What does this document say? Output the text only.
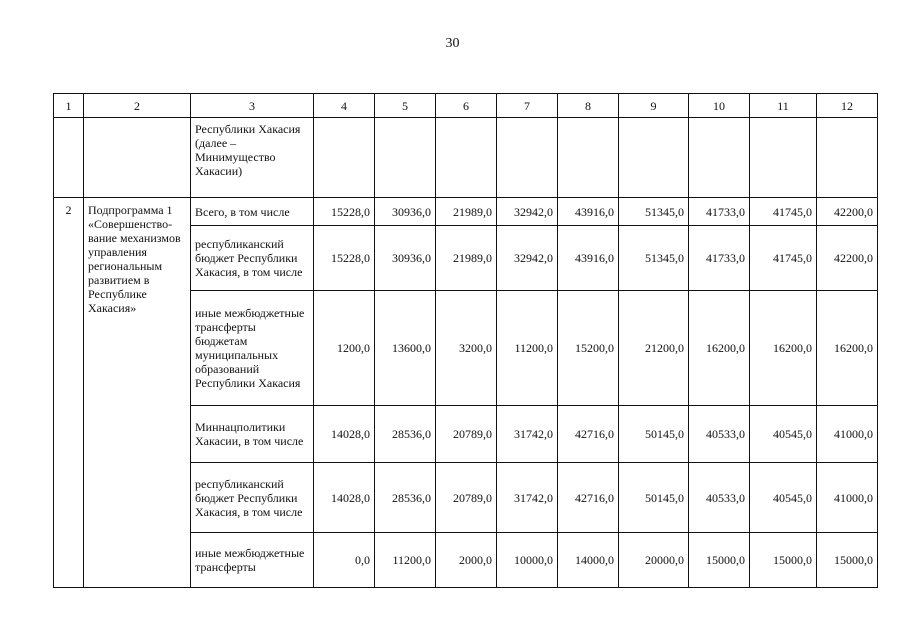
30
1	2	3	4	5	6	7	8	9	10	11	12
		Республики Хакасия (далее – Минимущество Хакасии)									
2	Подпрограмма 1 «Совершенство-вание механизмов управления региональным развитием в Республике Хакасия»	Всего, в том числе	15228,0	30936,0	21989,0	32942,0	43916,0	51345,0	41733,0	41745,0	42200,0
		республиканский бюджет Республики Хакасия, в том числе	15228,0	30936,0	21989,0	32942,0	43916,0	51345,0	41733,0	41745,0	42200,0
		иные межбюджетные трансферты бюджетам муниципальных образований Республики Хакасия	1200,0	13600,0	3200,0	11200,0	15200,0	21200,0	16200,0	16200,0	16200,0
		Миннацполитики Хакасии, в том числе	14028,0	28536,0	20789,0	31742,0	42716,0	50145,0	40533,0	40545,0	41000,0
		республиканский бюджет Республики Хакасия, в том числе	14028,0	28536,0	20789,0	31742,0	42716,0	50145,0	40533,0	40545,0	41000,0
		иные межбюджетные трансферты	0,0	11200,0	2000,0	10000,0	14000,0	20000,0	15000,0	15000,0	15000,0
